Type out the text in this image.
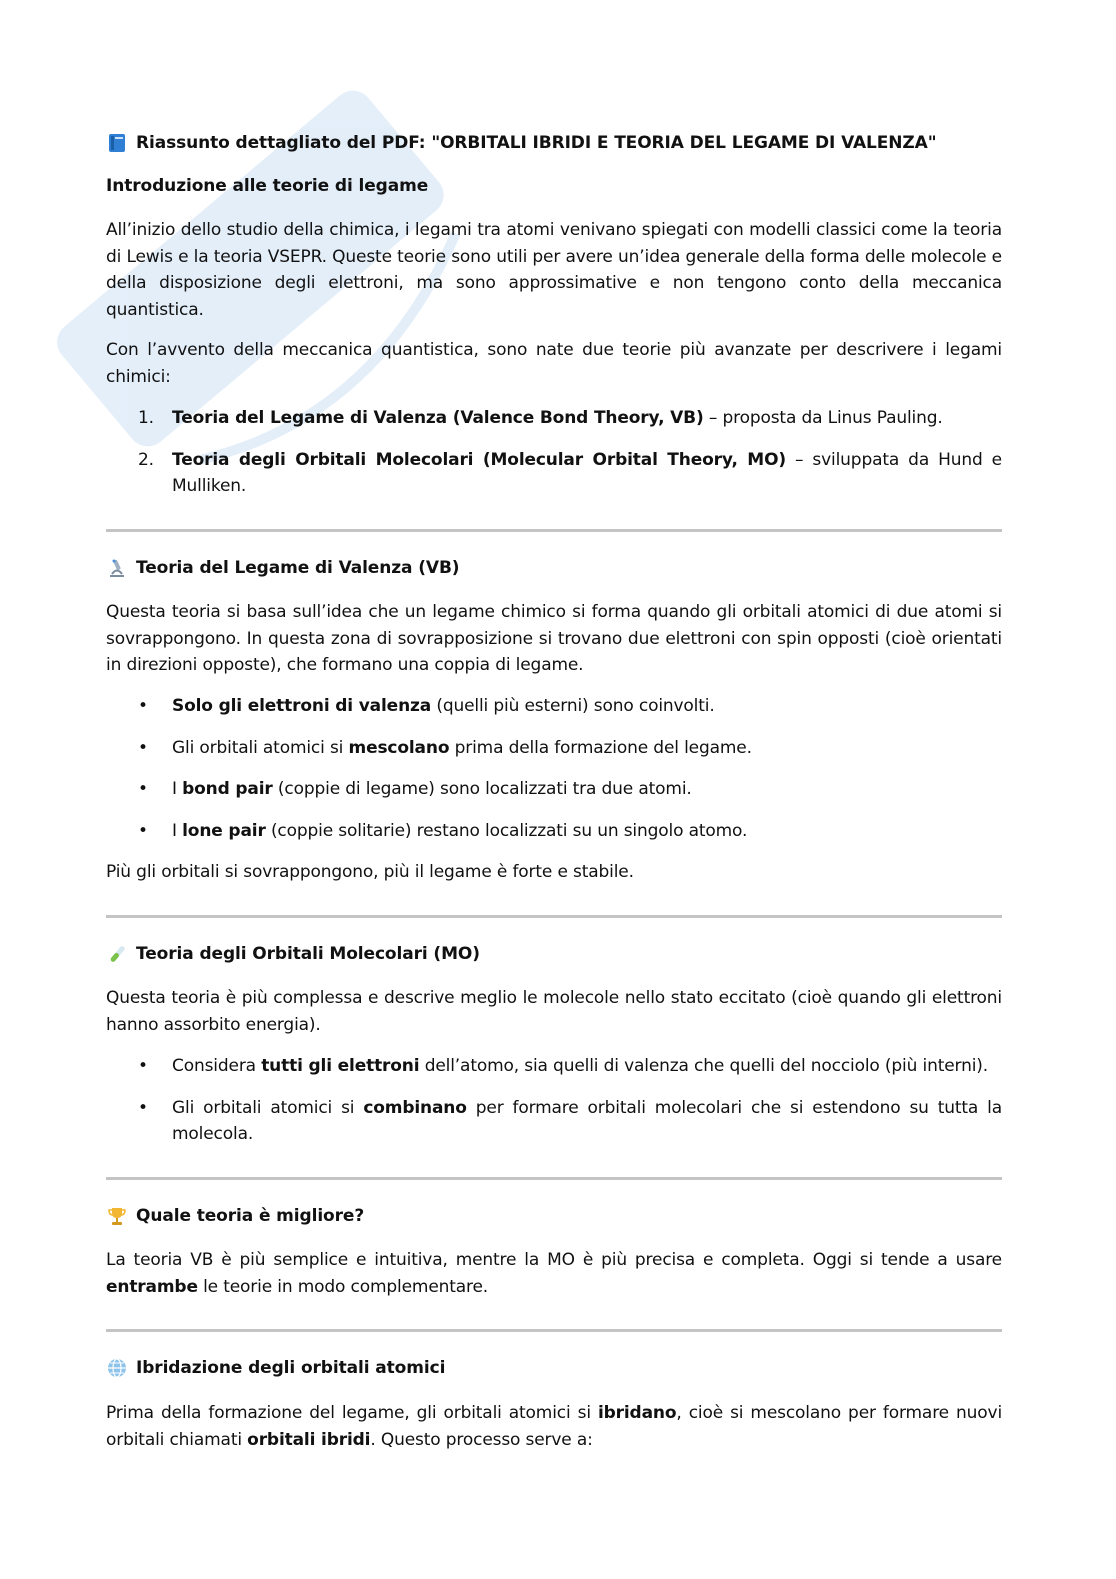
Riassunto dettagliato del PDF: "ORBITALI IBRIDI E TEORIA DEL LEGAME DI VALENZA"
Introduzione alle teorie di legame

All’inizio dello studio della chimica, i legami tra atomi venivano spiegati con modelli classici come la teoria di Lewis e la teoria VSEPR. Queste teorie sono utili per avere un’idea generale della forma delle molecole e della disposizione degli elettroni, ma sono approssimative e non tengono conto della meccanica quantistica.

Con l’avvento della meccanica quantistica, sono nate due teorie più avanzate per descrivere i legami chimici:

1.	Teoria del Legame di Valenza (Valence Bond Theory, VB) – proposta da Linus Pauling.
2.	Teoria degli Orbitali Molecolari (Molecular Orbital Theory, MO) – sviluppata da Hund e Mulliken.
Teoria del Legame di Valenza (VB)

Questa teoria si basa sull’idea che un legame chimico si forma quando gli orbitali atomici di due atomi si sovrappongono. In questa zona di sovrapposizione si trovano due elettroni con spin opposti (cioè orientati in direzioni opposte), che formano una coppia di legame.

•	Solo gli elettroni di valenza (quelli più esterni) sono coinvolti.
•	Gli orbitali atomici si mescolano prima della formazione del legame.
•	I bond pair (coppie di legame) sono localizzati tra due atomi.
•	I lone pair (coppie solitarie) restano localizzati su un singolo atomo.

Più gli orbitali si sovrappongono, più il legame è forte e stabile.

Teoria degli Orbitali Molecolari (MO)

Questa teoria è più complessa e descrive meglio le molecole nello stato eccitato (cioè quando gli elettroni hanno assorbito energia).

•	Considera tutti gli elettroni dell’atomo, sia quelli di valenza che quelli del nocciolo (più interni).
•	Gli orbitali atomici si combinano per formare orbitali molecolari che si estendono su tutta la molecola.
Quale teoria è migliore?

La teoria VB è più semplice e intuitiva, mentre la MO è più precisa e completa. Oggi si tende a usare entrambe le teorie in modo complementare.

Ibridazione degli orbitali atomici

Prima della formazione del legame, gli orbitali atomici si ibridano, cioè si mescolano per formare nuovi orbitali chiamati orbitali ibridi. Questo processo serve a:
